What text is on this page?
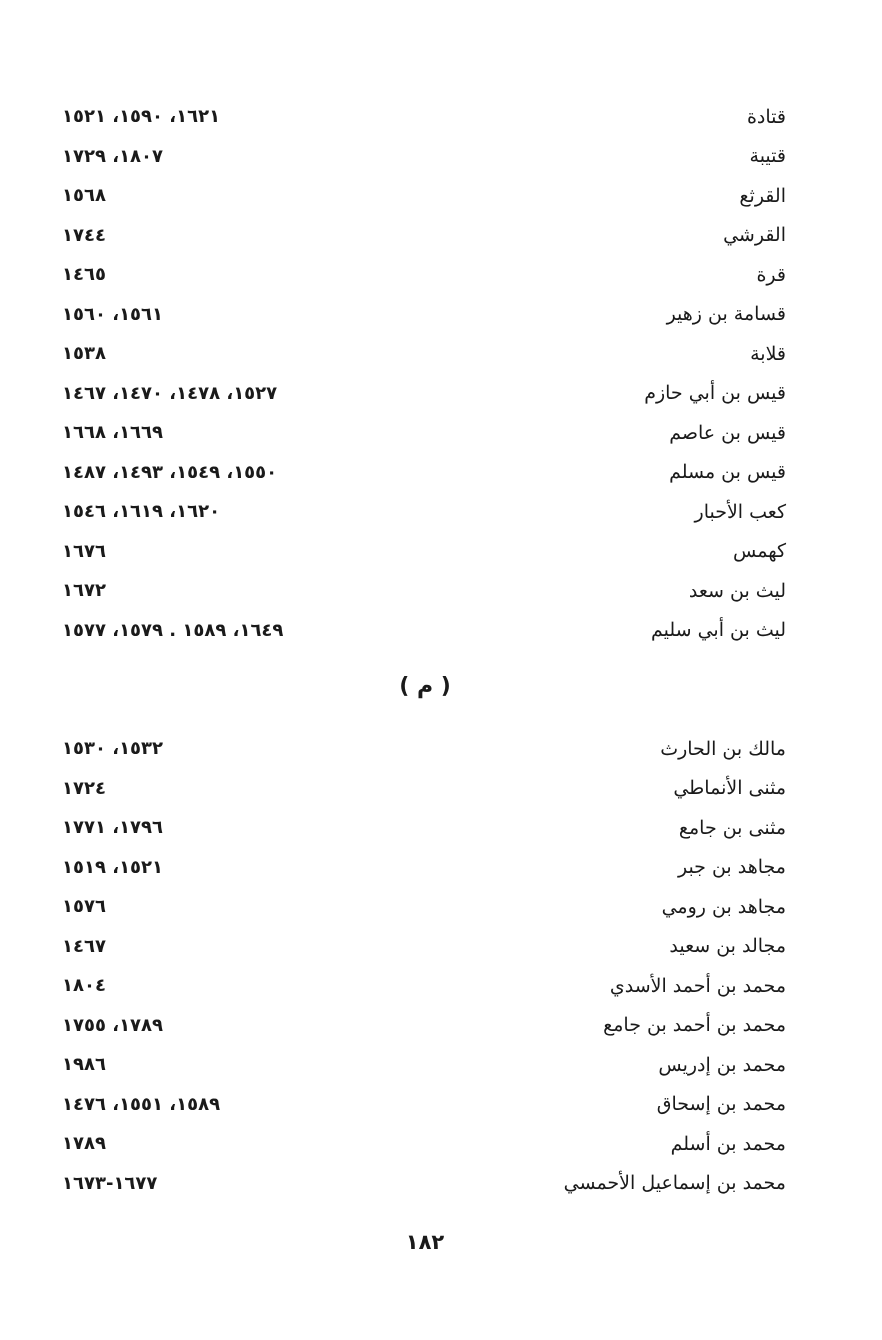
قتادة
١٦٢١، ١٥٩٠، ١٥٢١
قتيبة
١٨٠٧، ١٧٢٩
القرثع
١٥٦٨
القرشي
١٧٤٤
قرة
١٤٦٥
قسامة بن زهير
١٥٦١، ١٥٦٠
قلابة
١٥٣٨
قيس بن أبي حازم
١٥٢٧، ١٤٧٨، ١٤٧٠، ١٤٦٧
قيس بن عاصم
١٦٦٩، ١٦٦٨
قيس بن مسلم
١٥٥٠، ١٥٤٩، ١٤٩٣، ١٤٨٧
كعب الأحبار
١٦٢٠، ١٦١٩، ١٥٤٦
كهمس
١٦٧٦
ليث بن سعد
١٦٧٢
ليث بن أبي سليم
١٦٤٩، ١٥٨٩ . ١٥٧٩، ١٥٧٧
( م )
مالك بن الحارث
١٥٣٢، ١٥٣٠
مثنى الأنماطي
١٧٢٤
مثنى بن جامع
١٧٩٦، ١٧٧١
مجاهد بن جبر
١٥٢١، ١٥١٩
مجاهد بن رومي
١٥٧٦
مجالد بن سعيد
١٤٦٧
محمد بن أحمد الأسدي
١٨٠٤
محمد بن أحمد بن جامع
١٧٨٩، ١٧٥٥
محمد بن إدريس
١٩٨٦
محمد بن إسحاق
١٥٨٩، ١٥٥١، ١٤٧٦
محمد بن أسلم
١٧٨٩
محمد بن إسماعيل الأحمسي
١٦٧٧-١٦٧٣
١٨٢
